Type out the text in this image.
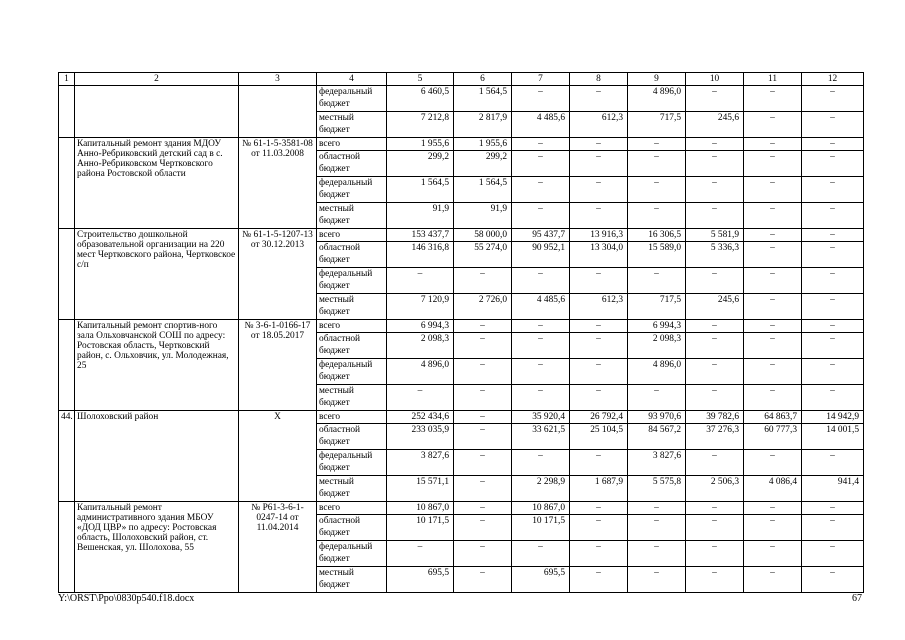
1	2	3	4	5	6	7	8	9	10	11	12
			федеральный бюджет	6 460,5	1 564,5	–	–	4 896,0	–	–	–
			местный бюджет	7 212,8	2 817,9	4 485,6	612,3	717,5	245,6	–	–
	Капитальный ремонт здания МДОУ Анно-Ребриковский детский сад в с. Анно-Ребриковском Чертковского района Ростовской области	№ 61-1-5-3581-08 от 11.03.2008	всего	1 955,6	1 955,6	–	–	–	–	–	–
			областной бюджет	299,2	299,2	–	–	–	–	–	–
			федеральный бюджет	1 564,5	1 564,5	–	–	–	–	–	–
			местный бюджет	91,9	91,9	–	–	–	–	–	–
	Строительство дошкольной образовательной организации на 220 мест Чертковского района, Чертковское с/п	№ 61-1-5-1207-13 от 30.12.2013	всего	153 437,7	58 000,0	95 437,7	13 916,3	16 306,5	5 581,9	–	–
			областной бюджет	146 316,8	55 274,0	90 952,1	13 304,0	15 589,0	5 336,3	–	–
			федеральный бюджет	–	–	–	–	–	–	–	–
			местный бюджет	7 120,9	2 726,0	4 485,6	612,3	717,5	245,6	–	–
	Капитальный ремонт спортив-ного зала Ольховчанской СОШ по адресу: Ростовская область, Чертковский район, с. Ольховчик, ул. Молодежная, 25	№ 3-6-1-0166-17 от 18.05.2017	всего	6 994,3	–	–	–	6 994,3	–	–	–
			областной бюджет	2 098,3	–	–	–	2 098,3	–	–	–
			федеральный бюджет	4 896,0	–	–	–	4 896,0	–	–	–
			местный бюджет	–	–	–	–	–	–	–	–
44.	Шолоховский район	Х	всего	252 434,6	–	35 920,4	26 792,4	93 970,6	39 782,6	64 863,7	14 942,9
			областной бюджет	233 035,9	–	33 621,5	25 104,5	84 567,2	37 276,3	60 777,3	14 001,5
			федеральный бюджет	3 827,6	–	–	–	3 827,6	–	–	–
			местный бюджет	15 571,1	–	2 298,9	1 687,9	5 575,8	2 506,3	4 086,4	941,4
	Капитальный ремонт административного здания МБОУ «ДОД ЦВР» по адресу: Ростовская область, Шолоховский район, ст. Вешенская, ул. Шолохова, 55	№ Р61-3-6-1-0247-14 от 11.04.2014	всего	10 867,0	–	10 867,0	–	–	–	–	–
			областной бюджет	10 171,5	–	10 171,5	–	–	–	–	–
			федеральный бюджет	–	–	–	–	–	–	–	–
			местный бюджет	695,5	–	695,5	–	–	–	–	–
Y:\ORST\Ppo\0830p540.f18.docx	67
